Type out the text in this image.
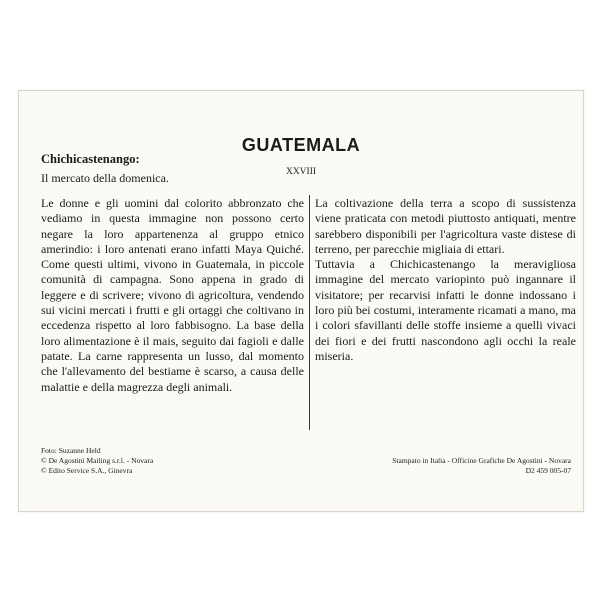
GUATEMALA
XXVIII
Chichicastenango:
Il mercato della domenica.

Le donne e gli uomini dal colorito abbronzato che vediamo in questa immagine non possono certo negare la loro appartenenza al gruppo etnico amerindio: i loro antenati erano infatti Maya Quiché. Come questi ultimi, vivono in Guatemala, in piccole comunità di campagna. Sono appena in grado di leggere e di scrivere; vivono di agricoltura, vendendo sui vicini mercati i frutti e gli ortaggi che coltivano in eccedenza rispetto al loro fabbisogno. La base della loro alimentazione è il mais, seguito dai fagioli e dalle patate. La carne rappresenta un lusso, dal momento che l'allevamento del bestiame è scarso, a causa delle malattie e della magrezza degli animali.

La coltivazione della terra a scopo di sussistenza viene praticata con metodi piuttosto antiquati, mentre sarebbero disponibili per l'agricoltura vaste distese di terreno, per parecchie migliaia di ettari.

Tuttavia a Chichicastenango la meravigliosa immagine del mercato variopinto può ingannare il visitatore; per recarvisi infatti le donne indossano i loro più bei costumi, interamente ricamati a mano, ma i colori sfavillanti delle stoffe insieme a quelli vivaci dei fiori e dei frutti nascondono agli occhi la reale miseria.

Foto: Suzanne Held
© De Agostini Mailing s.r.l. - Novara
© Edito Service S.A., Ginevra
Stampato in Italia - Officine Grafiche De Agostini - Novara
D2 459 005-07
